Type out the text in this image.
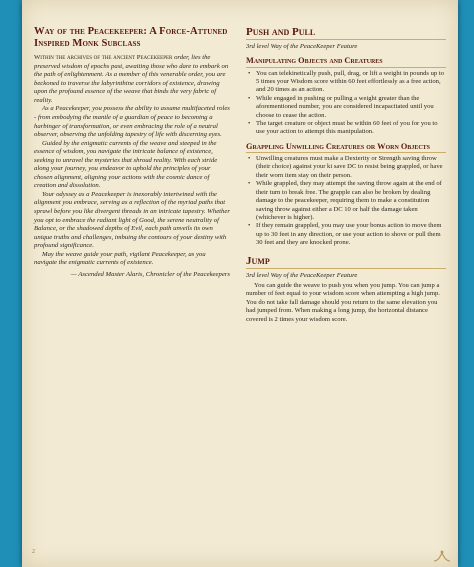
Way of the Peacekeeper: A Force-Attuned Inspired Monk Subclass

Within the archives of the ancient Peacekeeper order, lies the preserved wisdom of epochs past, awaiting those who dare to embark on the path of enlightenment. As a member of this venerable order, you are beckoned to traverse the labyrinthine corridors of existence, drawing upon the profound essence of the weave that binds the very fabric of reality.

As a Peacekeeper, you possess the ability to assume multifaceted roles - from embodying the mantle of a guardian of peace to becoming a harbinger of transformation, or even embracing the role of a neutral observer, observing the unfolding tapestry of life with discerning eyes.

Guided by the enigmatic currents of the weave and steeped in the essence of wisdom, you navigate the intricate balance of existence, seeking to unravel the mysteries that shroud reality. With each stride along your journey, you endeavor to uphold the principles of your chosen alignment, aligning your actions with the cosmic dance of creation and dissolution.

Your odyssey as a Peacekeeper is inexorably intertwined with the alignment you embrace, serving as a reflection of the myriad paths that sprawl before you like divergent threads in an intricate tapestry. Whether you opt to embrace the radiant light of Good, the serene neutrality of Balance, or the shadowed depths of Evil, each path unveils its own unique truths and challenges, imbuing the contours of your destiny with profound significance.

May the weave guide your path, vigilant Peacekeeper, as you navigate the enigmatic currents of existence.

— Ascended Master Alaris, Chronicler of the Peacekeepers

Push and Pull
3rd level Way of the PeaceKeeper Feature
Manipulating Objects and Creatures
• You can telekinetically push, pull, drag, or lift a weight in pounds up to 5 times your Wisdom score within 60 feet effortlessly as a free action, and 20 times as an action.
• While engaged in pushing or pulling a weight greater than the aforementioned number, you are considered incapacitated until you choose to cease the action.
• The target creature or object must be within 60 feet of you for you to use your action to attempt this manipulation.
Grappling Unwilling Creatures or Worn Objects
• Unwilling creatures must make a Dexterity or Strength saving throw (their choice) against your ki save DC to resist being grappled, or have their worn item stay on their person.
• While grappled, they may attempt the saving throw again at the end of their turn to break free. The grapple can also be broken by dealing damage to the peacekeeper, requiring them to make a constitution saving throw against either a DC 10 or half the damage taken (whichever is higher).
• If they remain grappled, you may use your bonus action to move them up to 30 feet in any direction, or use your action to shove or pull them 30 feet and they are knocked prone.
Jump
3rd level Way of the PeaceKeeper Feature

You can guide the weave to push you when you jump. You can jump a number of feet equal to your wisdom score when attempting a high jump. You do not take fall damage should you return to the same elevation you had jumped from. When making a long jump, the horizontal distance covered is 2 times your wisdom score.

2
